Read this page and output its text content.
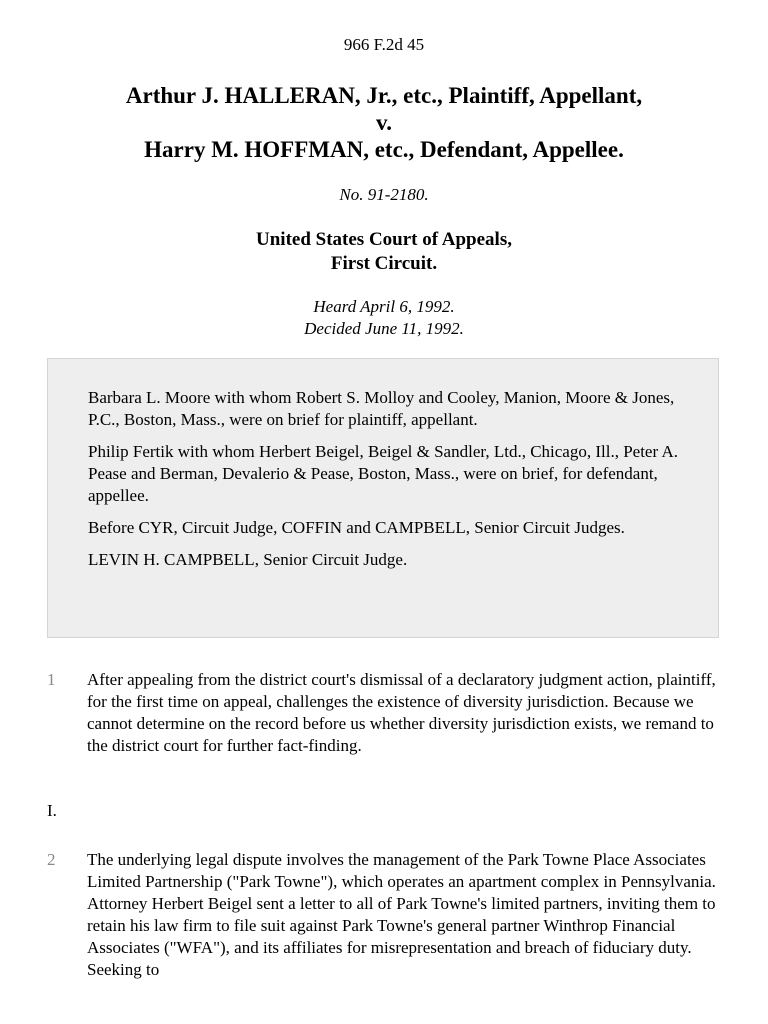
966 F.2d 45
Arthur J. HALLERAN, Jr., etc., Plaintiff, Appellant,
v.
Harry M. HOFFMAN, etc., Defendant, Appellee.
No. 91-2180.
United States Court of Appeals,
First Circuit.
Heard April 6, 1992.
Decided June 11, 1992.

Barbara L. Moore with whom Robert S. Molloy and Cooley, Manion, Moore & Jones, P.C., Boston, Mass., were on brief for plaintiff, appellant.

Philip Fertik with whom Herbert Beigel, Beigel & Sandler, Ltd., Chicago, Ill., Peter A. Pease and Berman, Devalerio & Pease, Boston, Mass., were on brief, for defendant, appellee.

Before CYR, Circuit Judge, COFFIN and CAMPBELL, Senior Circuit Judges.

LEVIN H. CAMPBELL, Senior Circuit Judge.

1 After appealing from the district court's dismissal of a declaratory judgment action, plaintiff, for the first time on appeal, challenges the existence of diversity jurisdiction. Because we cannot determine on the record before us whether diversity jurisdiction exists, we remand to the district court for further fact-finding.

I.
2 The underlying legal dispute involves the management of the Park Towne Place Associates Limited Partnership ("Park Towne"), which operates an apartment complex in Pennsylvania. Attorney Herbert Beigel sent a letter to all of Park Towne's limited partners, inviting them to retain his law firm to file suit against Park Towne's general partner Winthrop Financial Associates ("WFA"), and its affiliates for misrepresentation and breach of fiduciary duty. Seeking to
